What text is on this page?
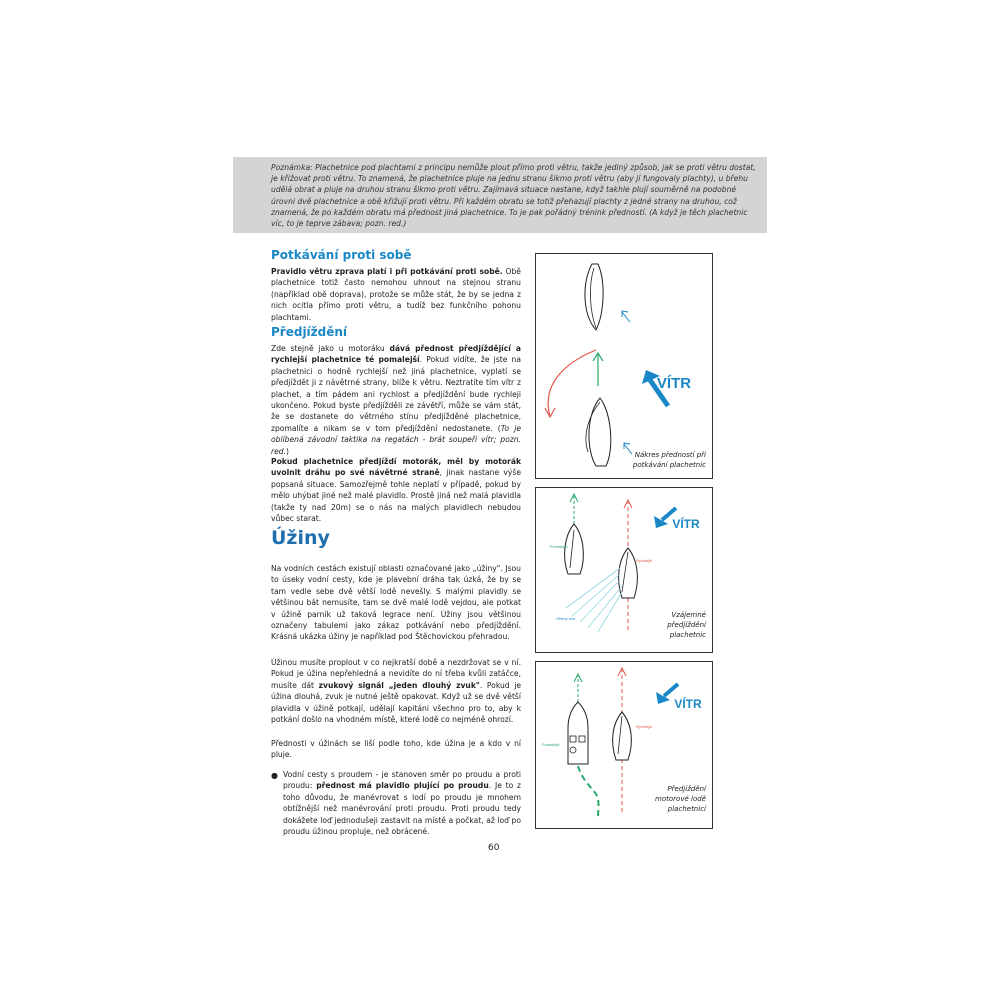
Poznámka: Plachetnice pod plachtami z principu nemůže plout přímo proti větru, takže jediný způsob, jak se proti větru dostat, je křižovat proti větru. To znamená, že plachetnice pluje na jednu stranu šikmo proti větru (aby jí fungovaly plachty), u břehu udělá obrat a pluje na druhou stranu šikmo proti větru. Zajímavá situace nastane, když takhle plují souměrně na podobné úrovni dvě plachetnice a obě křižují proti větru. Při každém obratu se totiž přehazují plachty z jedné strany na druhou, což znamená, že po každém obratu má přednost jiná plachetnice. To je pak pořádný trénink předností. (A když je těch plachetnic víc, to je teprve zábava; pozn. red.)
Potkávání proti sobě

Pravidlo větru zprava platí i při potkávání proti sobě. Obě plachetnice totiž často nemohou uhnout na stejnou stranu (například obě doprava), protože se může stát, že by se jedna z nich ocitla přímo proti větru, a tudíž bez funkčního pohonu plachtami.

Předjíždění

Zde stejně jako u motoráku dává přednost předjíždějící a rychlejší plachetnice té pomalejší. Pokud vidíte, že jste na plachetnici o hodně rychlejší než jiná plachetnice, vyplatí se předjíždět ji z návětrné strany, blíže k větru. Neztratíte tím vítr z plachet, a tím pádem ani rychlost a předjíždění bude rychleji ukončeno. Pokud byste předjížděli ze závětří, může se vám stát, že se dostanete do větrného stínu předjížděné plachetnice, zpomalíte a nikam se v tom předjíždění nedostanete. (To je oblíbená závodní taktika na regatách - brát soupeři vítr; pozn. red.)

Pokud plachetnice předjíždí motorák, měl by motorák uvolnit dráhu po své návětrné straně, jinak nastane výše popsaná situace. Samozřejmě tohle neplatí v případě, pokud by mělo uhýbat jiné než malé plavidlo. Prostě jiná než malá plavidla (takže ty nad 20m) se o nás na malých plavidlech nebudou vůbec starat.

Úžiny

Na vodních cestách existují oblasti označované jako „úžiny". Jsou to úseky vodní cesty, kde je plavební dráha tak úzká, že by se tam vedle sebe dvě větší lodě nevešly. S malými plavidly se většinou bát nemusíte, tam se dvě malé lodě vejdou, ale potkat v úžině parník už taková legrace není. Úžiny jsou většinou označeny tabulemi jako zákaz potkávání nebo předjíždění. Krásná ukázka úžiny je například pod Štěchovickou přehradou.

Úžinou musíte proplout v co nejkratší době a nezdržovat se v ní. Pokud je úžina nepřehledná a nevidíte do ní třeba kvůli zatáčce, musíte dát zvukový signál „jeden dlouhý zvuk". Pokud je úžina dlouhá, zvuk je nutné ještě opakovat. Když už se dvě větší plavidla v úžině potkají, udělají kapitáni všechno pro to, aby k potkání došlo na vhodném místě, které lodě co nejméně ohrozí.

Přednosti v úžinách se liší podle toho, kde úžina je a kdo v ní pluje.

● Vodní cesty s proudem - je stanoven směr po proudu a proti proudu: přednost má plavidlo plující po proudu. Je to z toho důvodu, že manévrovat s lodí po proudu je mnohem obtížnější než manévrování proti proudu. Proti proudu tedy dokážete loď jednodušeji zastavit na místě a počkat, až loď po proudu úžinou propluje, než obrácené.
VÍTR
Nákres předností při
potkávání plachetnic
Pomalejší
Rychlejší
Větrný stín
VÍTR
Vzájemné
předjíždění
plachetnic
Pomalejší
Rychlejší
VÍTR
Předjíždění
motorové lodě
plachetnicí
60
